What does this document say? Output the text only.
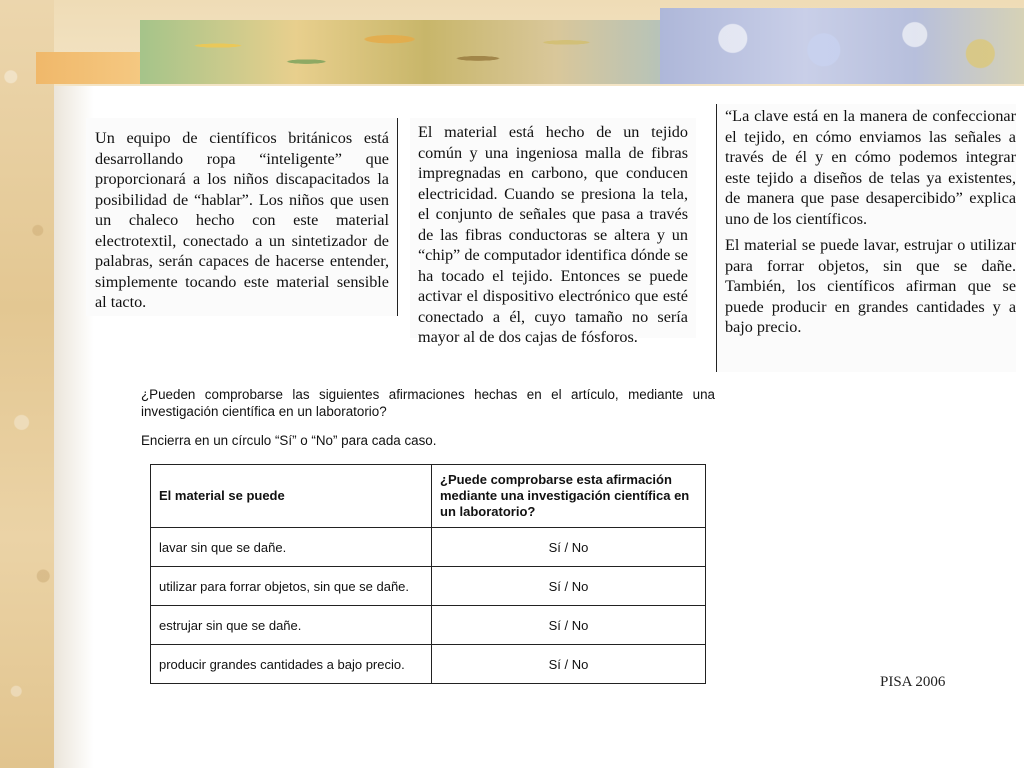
Un equipo de científicos británicos está desarrollando ropa “inteligente” que proporcionará a los niños discapacitados la posibilidad de “hablar”. Los niños que usen un chaleco hecho con este material electrotextil, conectado a un sintetizador de palabras, serán capaces de hacerse entender, simplemente tocando este material sensible al tacto.

El material está hecho de un tejido común y una ingeniosa malla de fibras impregnadas en carbono, que conducen electricidad. Cuando se presiona la tela, el conjunto de señales que pasa a través de las fibras conductoras se altera y un “chip” de computador identifica dónde se ha tocado el tejido. Entonces se puede activar el dispositivo electrónico que esté conectado a él, cuyo tamaño no sería mayor al de dos cajas de fósforos.

“La clave está en la manera de confeccionar el tejido, en cómo enviamos las señales a través de él y en cómo podemos integrar este tejido a diseños de telas ya existentes, de manera que pase desapercibido” explica uno de los científicos.

El material se puede lavar, estrujar o utilizar para forrar objetos, sin que se dañe. También, los científicos afirman que se puede producir en grandes cantidades y a bajo precio.

¿Pueden comprobarse las siguientes afirmaciones hechas en el artículo, mediante una investigación científica en un laboratorio?
Encierra en un círculo “Sí” o “No” para cada caso.
El material se puede	¿Puede comprobarse esta afirmación mediante una investigación científica en un laboratorio?
lavar sin que se dañe.	Sí / No
utilizar para forrar objetos, sin que se dañe.	Sí / No
estrujar sin que se dañe.	Sí / No
producir grandes cantidades a bajo precio.	Sí / No
PISA 2006
